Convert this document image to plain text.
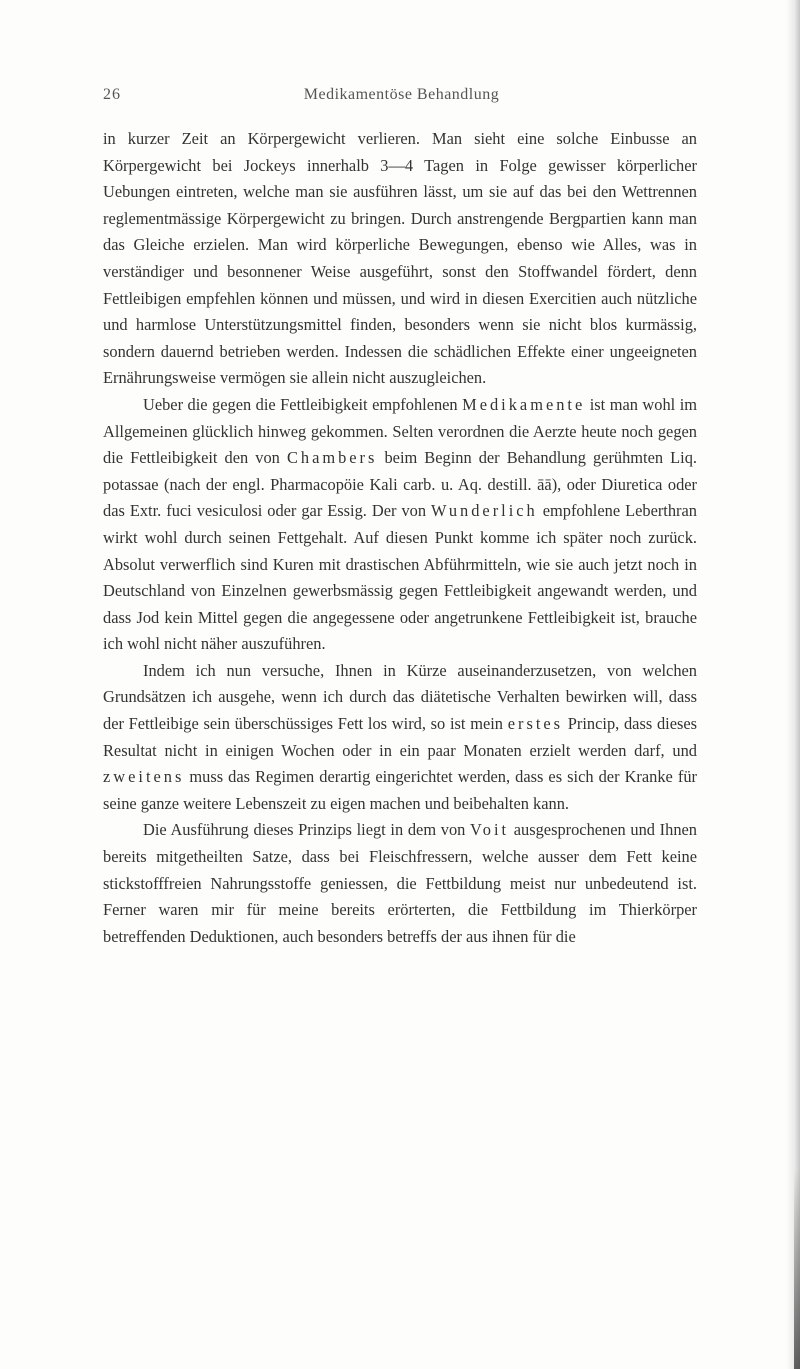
26	Medikamentöse Behandlung

in kurzer Zeit an Körpergewicht verlieren. Man sieht eine solche Einbusse an Körpergewicht bei Jockeys innerhalb 3—4 Tagen in Folge gewisser körperlicher Uebungen eintreten, welche man sie ausführen lässt, um sie auf das bei den Wettrennen reglementmässige Körpergewicht zu bringen. Durch anstrengende Bergpartien kann man das Gleiche erzielen. Man wird körperliche Bewegungen, ebenso wie Alles, was in verständiger und besonnener Weise ausgeführt, sonst den Stoffwandel fördert, denn Fettleibigen empfehlen können und müssen, und wird in diesen Exercitien auch nützliche und harmlose Unterstützungsmittel finden, besonders wenn sie nicht blos kurmässig, sondern dauernd betrieben werden. Indessen die schädlichen Effekte einer ungeeigneten Ernährungsweise vermögen sie allein nicht auszugleichen.

Ueber die gegen die Fettleibigkeit empfohlenen Medikamente ist man wohl im Allgemeinen glücklich hinweg gekommen. Selten verordnen die Aerzte heute noch gegen die Fettleibigkeit den von Chambers beim Beginn der Behandlung gerühmten Liq. potassae (nach der engl. Pharmacopöie Kali carb. u. Aq. destill. āā), oder Diuretica oder das Extr. fuci vesiculosi oder gar Essig. Der von Wunderlich empfohlene Leberthran wirkt wohl durch seinen Fettgehalt. Auf diesen Punkt komme ich später noch zurück. Absolut verwerflich sind Kuren mit drastischen Abführmitteln, wie sie auch jetzt noch in Deutschland von Einzelnen gewerbsmässig gegen Fettleibigkeit angewandt werden, und dass Jod kein Mittel gegen die angegessene oder angetrunkene Fettleibigkeit ist, brauche ich wohl nicht näher auszuführen.

Indem ich nun versuche, Ihnen in Kürze auseinanderzusetzen, von welchen Grundsätzen ich ausgehe, wenn ich durch das diätetische Verhalten bewirken will, dass der Fettleibige sein überschüssiges Fett los wird, so ist mein erstes Princip, dass dieses Resultat nicht in einigen Wochen oder in ein paar Monaten erzielt werden darf, und zweitens muss das Regimen derartig eingerichtet werden, dass es sich der Kranke für seine ganze weitere Lebenszeit zu eigen machen und beibehalten kann.

Die Ausführung dieses Prinzips liegt in dem von Voit ausgesprochenen und Ihnen bereits mitgetheilten Satze, dass bei Fleischfressern, welche ausser dem Fett keine stickstofffreien Nahrungsstoffe geniessen, die Fettbildung meist nur unbedeutend ist. Ferner waren mir für meine bereits erörterten, die Fettbildung im Thierkörper betreffenden Deduktionen, auch besonders betreffs der aus ihnen für die
